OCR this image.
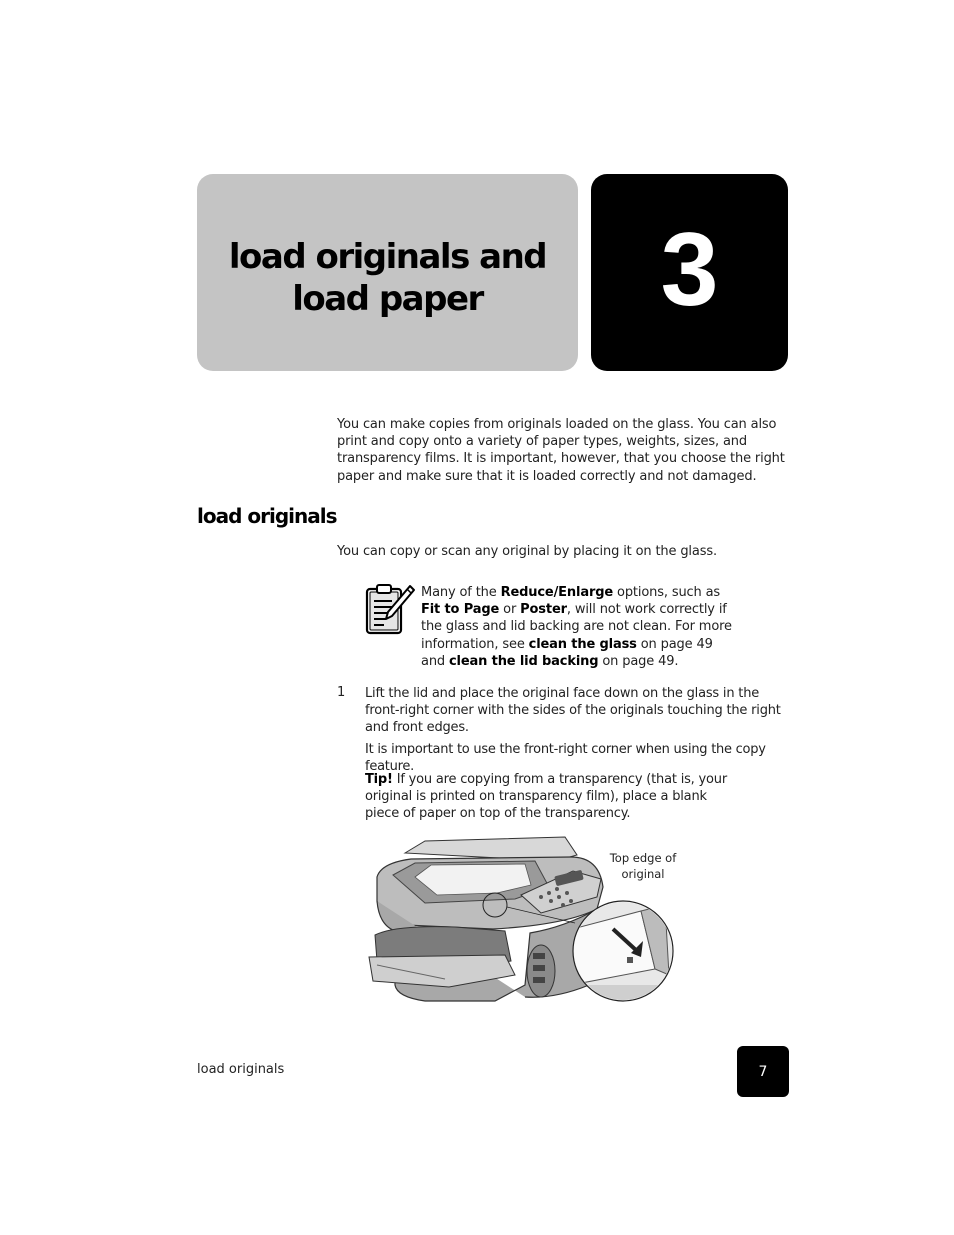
load originals and load paper	3

You can make copies from originals loaded on the glass. You can also print and copy onto a variety of paper types, weights, sizes, and transparency films. It is important, however, that you choose the right paper and make sure that it is loaded correctly and not damaged.

load originals

You can copy or scan any original by placing it on the glass.

Many of the Reduce/Enlarge options, such as Fit to Page or Poster, will not work correctly if the glass and lid backing are not clean. For more information, see clean the glass on page 49 and clean the lid backing on page 49.
1 Lift the lid and place the original face down on the glass in the front-right corner with the sides of the originals touching the right and front edges.
It is important to use the front-right corner when using the copy feature.
Tip! If you are copying from a transparency (that is, your original is printed on transparency film), place a blank piece of paper on top of the transparency.
Top edge of original
load originals	7
